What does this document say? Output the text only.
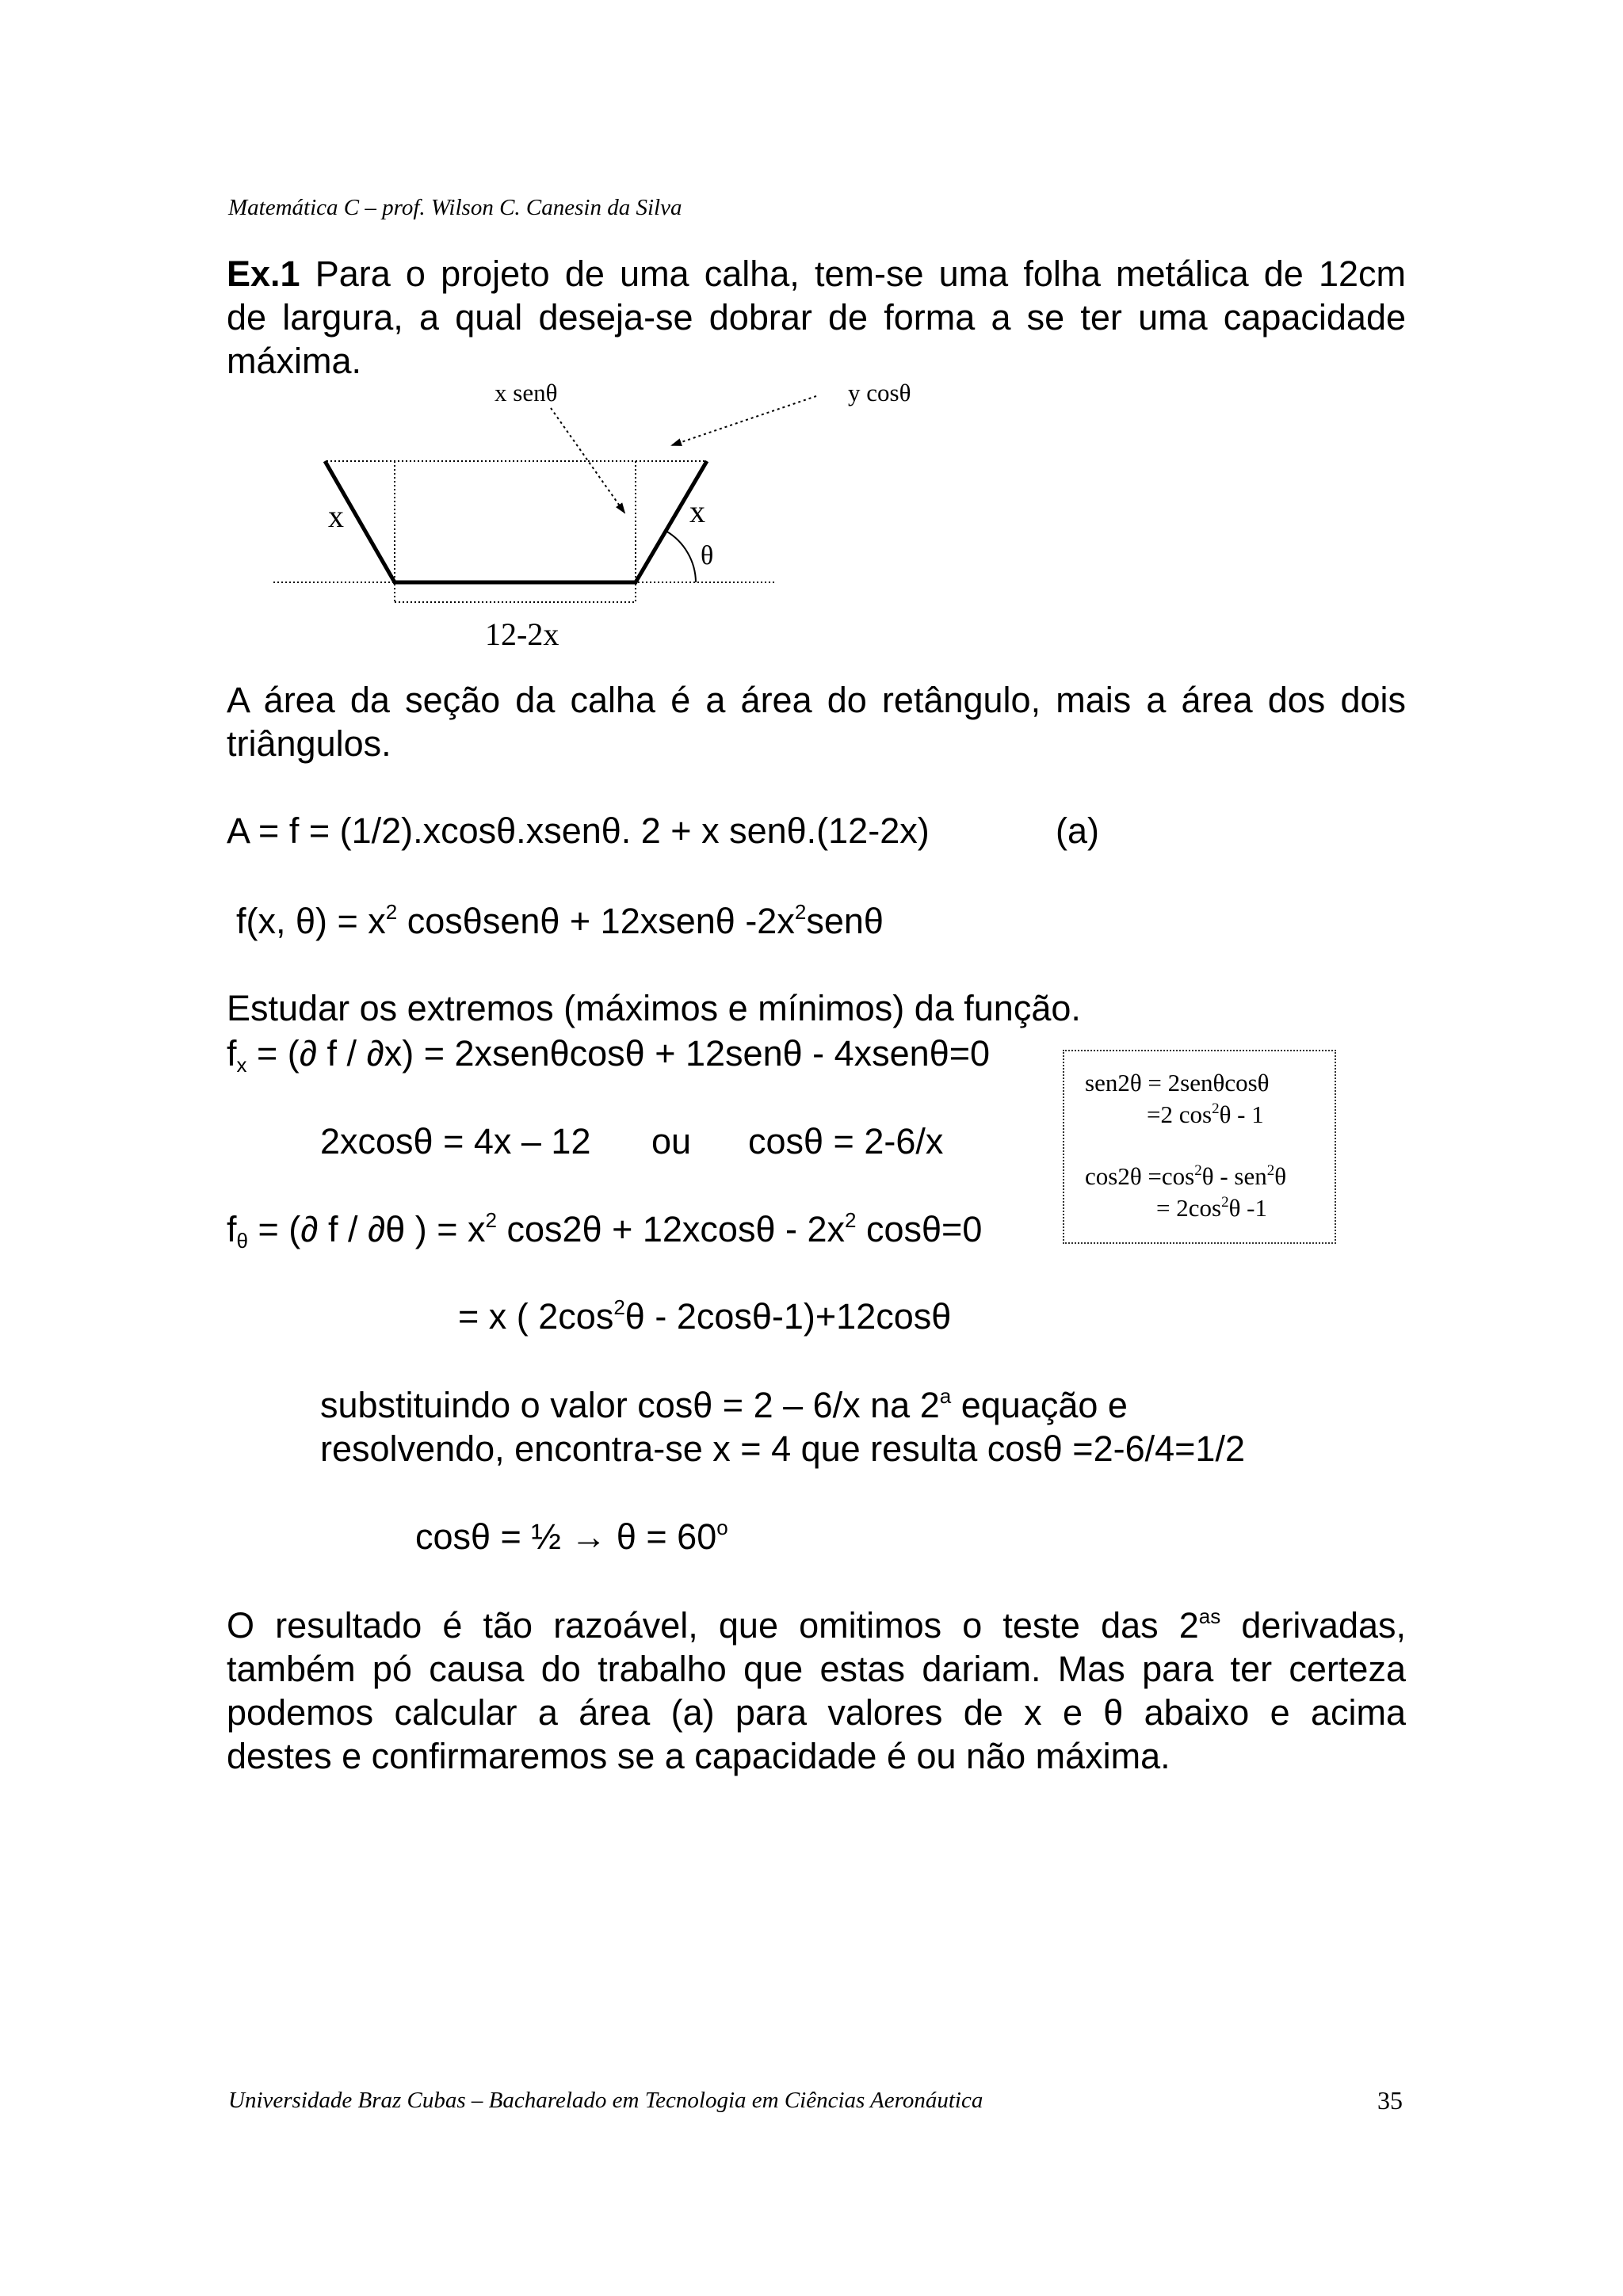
Matemática C – prof. Wilson C. Canesin da Silva
Ex.1 Para o projeto de uma calha, tem-se uma folha metálica de 12cm
de largura, a qual deseja-se dobrar de forma a se ter uma capacidade
máxima.
x senθ	y cosθ
x	x
θ
12-2x
A área da seção da calha é a área do retângulo, mais a área dos dois
triângulos.
A = f = (1/2).xcosθ.xsenθ. 2 + x senθ.(12-2x)	(a)
f(x, $\theta) = x^2$ cosθsenθ + 12xsenθ $-2x^2sen\theta$
Estudar os extremos (máximos e mínimos) da função.
$f_x$ = (∂ f / ∂x) = 2xsenθcosθ + 12senθ - 4xsenθ=0
sen2θ = 2senθcosθ
=2 $\cos^2\theta - 1$
$\cos 2\theta =\cos^2\theta - sen^2\theta$
= $2\cos^2\theta$ -1
2xcosθ = 4x – 12 ou cosθ = 2-6/x
$f_\theta$ = (∂ f / ∂θ ) = $x^2$ $\cos 2\theta + 12xcos\theta - 2x^2$ cosθ=0
= x ( $2\cos^2\theta - 2\cos\theta-1)+12\cos\theta$
substituindo o valor cosθ = 2 – 6/x na 2$^a$ equação e
resolvendo, encontra-se x = 4 que resulta cosθ =2-6/4=1/2
cosθ = ½ → $\theta = 60^o$
O resultado é tão razoável, que omitimos o teste das $2^{as}$ derivadas,
também pó causa do trabalho que estas dariam. Mas para ter certeza
podemos calcular a área (a) para valores de x e θ abaixo e acima
destes e confirmaremos se a capacidade é ou não máxima.
Universidade Braz Cubas – Bacharelado em Tecnologia em Ciências Aeronáutica	35
